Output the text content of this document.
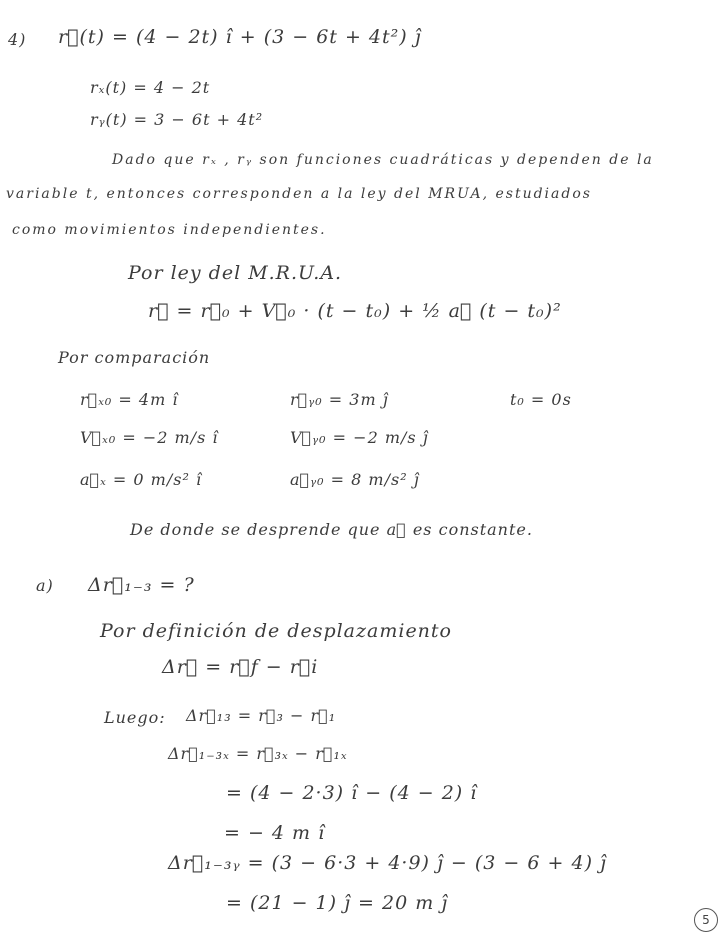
4) r⃗(t) = (4 − 2t) î + (3 − 6t + 4t²) ĵ
rₓ(t) = 4 − 2t
rᵧ(t) = 3 − 6t + 4t²
Dado que rₓ , rᵧ son funciones cuadráticas y dependen de la
variable t, entonces corresponden a la ley del MRUA, estudiados
como movimientos independientes.
Por ley del M.R.U.A.
r⃗ = r⃗₀ + V⃗₀ · (t − t₀) + ½ a⃗ (t − t₀)²
Por comparación
r⃗ₓ₀ = 4m î	r⃗ᵧ₀ = 3m ĵ	t₀ = 0s
V⃗ₓ₀ = −2 m/s î	V⃗ᵧ₀ = −2 m/s ĵ
a⃗ₓ = 0 m/s² î	a⃗ᵧ₀ = 8 m/s² ĵ
De donde se desprende que a⃗ es constante.
a) Δr⃗₁₋₃ = ?
Por definición de desplazamiento
Δr⃗ = r⃗f − r⃗i
Luego: Δr⃗₁₃ = r⃗₃ − r⃗₁
Δr⃗₁₋₃ₓ = r⃗₃ₓ − r⃗₁ₓ
= (4 − 2·3) î − (4 − 2) î
= − 4 m î
Δr⃗₁₋₃ᵧ = (3 − 6·3 + 4·9) ĵ − (3 − 6 + 4) ĵ
= (21 − 1) ĵ = 20 m ĵ
5
